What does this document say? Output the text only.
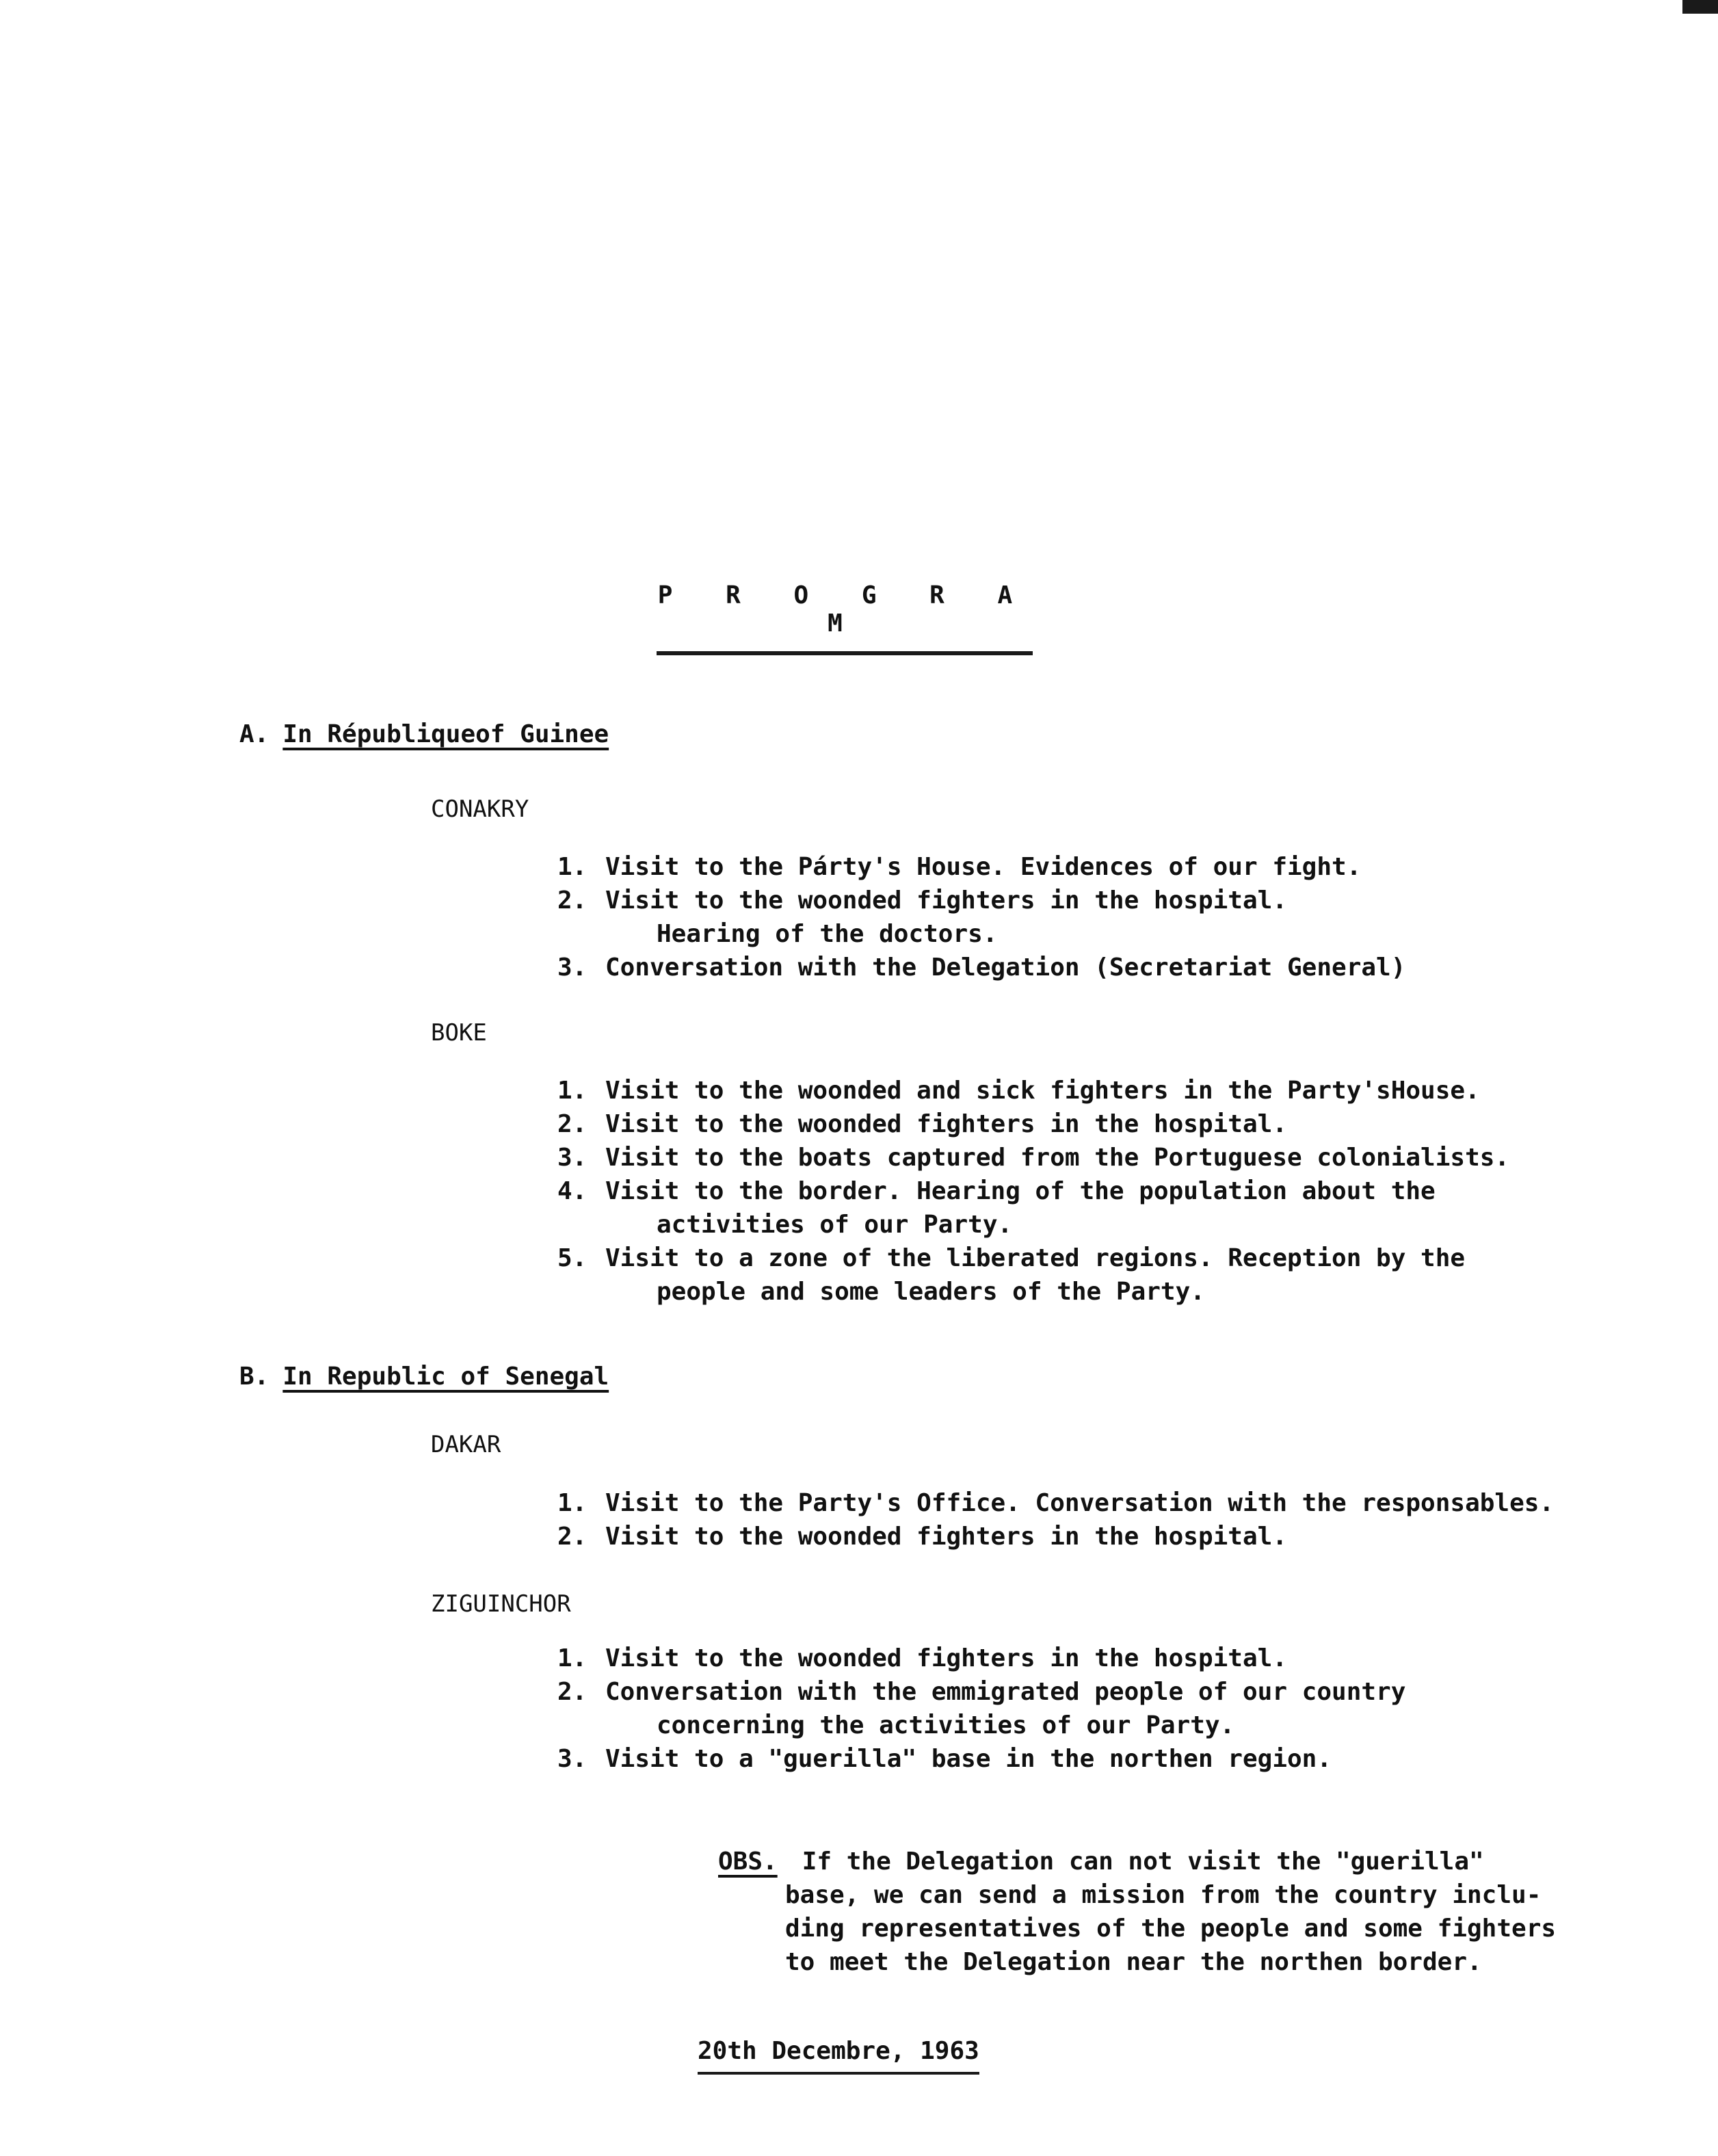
P R O G R A M
A. In Républiqueof Guinee
CONAKRY
1. Visit to the Párty's House. Evidences of our fight.
2. Visit to the woonded fighters in the hospital.
Hearing of the doctors.
3. Conversation with the Delegation (Secretariat General)
BOKE
1. Visit to the woonded and sick fighters in the Party'sHouse.
2. Visit to the woonded fighters in the hospital.
3. Visit to the boats captured from the Portuguese colonialists.
4. Visit to the border. Hearing of the population about the
activities of our Party.
5. Visit to a zone of the liberated regions. Reception by the
people and some leaders of the Party.
B. In Republic of Senegal
DAKAR
1. Visit to the Party's Office. Conversation with the responsables.
2. Visit to the woonded fighters in the hospital.
ZIGUINCHOR
1. Visit to the woonded fighters in the hospital.
2. Conversation with the emmigrated people of our country
concerning the activities of our Party.
3. Visit to a "guerilla" base in the northen region.
OBS. If the Delegation can not visit the "guerilla"
base, we can send a mission from the country inclu-
ding representatives of the people and some fighters
to meet the Delegation near the northen border.
20th Decembre, 1963
